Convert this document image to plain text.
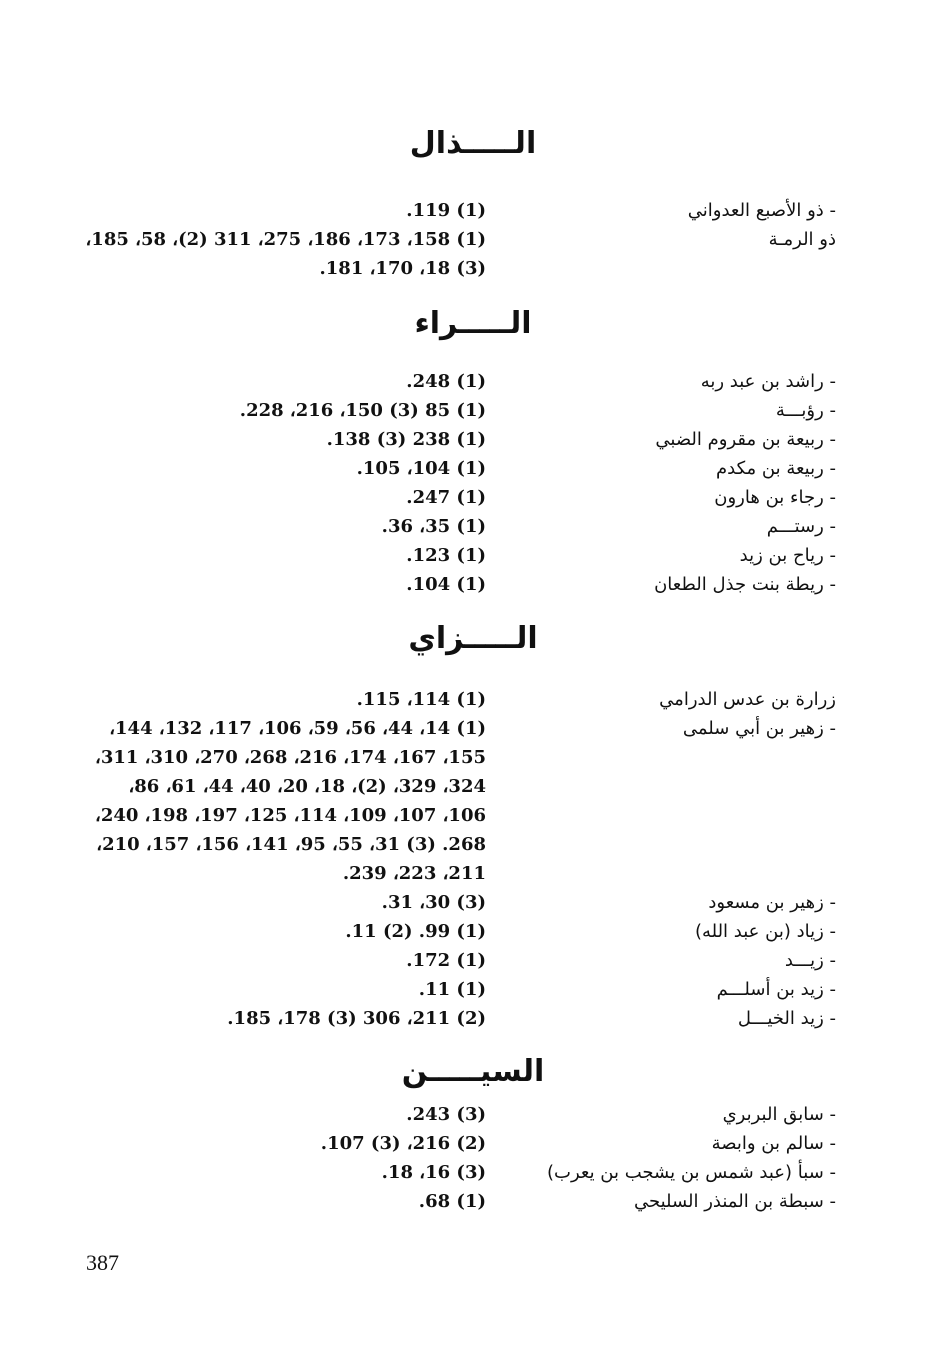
الـــــذال
- ذو الأصبع العدواني
(1) 119.
ذو الرمـة
(1) 158، 173، 186، 275، 311 (2)، 58، 185،
(3) 18، 170، 181.
الـــــراء
- راشد بن عبد ربه
(1) 248.
- رؤبـــة
(1) 85 (3) 150، 216، 228.
- ربيعة بن مقروم الضبي
(1) 238 (3) 138.
- ربيعة بن مكدم
(1) 104، 105.
- رجاء بن هارون
(1) 247.
- رستـــم
(1) 35، 36.
- رياح بن زيد
(1) 123.
- ريطة بنت جذل الطعان
(1) 104.
الـــــزاي
زرارة بن عدس الدرامي
(1) 114، 115.
- زهير بن أبي سلمى
(1) 14، 44، 56، 59، 106، 117، 132، 144،
155، 167، 174، 216، 268، 270، 310، 311،
324، 329، (2)، 18، 20، 40، 44، 61، 86،
106، 107، 109، 114، 125، 197، 198، 240،
268. (3) 31، 55، 95، 141، 156، 157، 210،
211، 223، 239.
- زهير بن مسعود
(3) 30، 31.
- زياد (بن عبد الله)
(1) 99. (2) 11.
- زيـــد
(1) 172.
- زيد بن أسلـــم
(1) 11.
- زيد الخيـــل
(2) 211، 306 (3) 178، 185.
السيـــــن
- سابق البربري
(3) 243.
- سالم بن وابصة
(2) 216، (3) 107.
- سبأ (عبد شمس بن يشجب بن يعرب)
(3) 16، 18.
- سبطة بن المنذر السليحي
(1) 68.
387
